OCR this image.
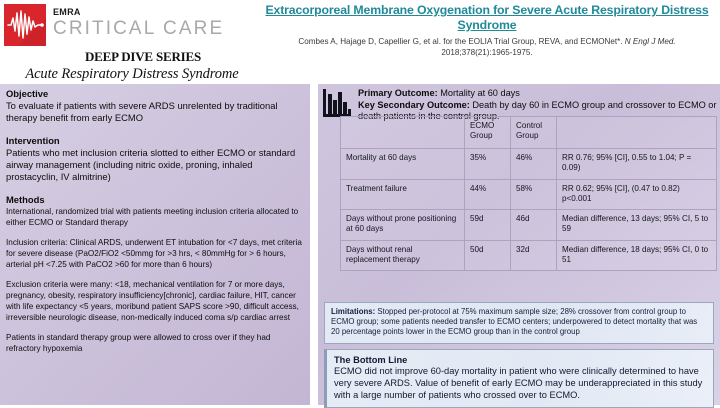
EMRA
CRITICAL CARE
DEEP DIVE SERIES
Acute Respiratory Distress Syndrome
Extracorporeal Membrane Oxygenation for Severe Acute Respiratory Distress Syndrome
Combes A, Hajage D, Capellier G, et al. for the EOLIA Trial Group, REVA, and ECMONet*. N Engl J Med. 2018;378(21):1965-1975.
Objective
To evaluate if patients with severe ARDS unrelented by traditional therapy benefit from early ECMO
Intervention
Patients who met inclusion criteria slotted to either ECMO or standard airway management (including nitric oxide, proning, inhaled prostacyclin, IV almitrine)
Methods
International, randomized trial with patients meeting inclusion criteria allocated to either ECMO or Standard therapy
Inclusion criteria: Clinical ARDS, underwent ET intubation for <7 days, met criteria for severe disease (PaO2/FiO2 <50mmg for >3 hrs, < 80mmHg for > 6 hours, arterial pH <7.25 with PaCO2 >60 for more than 6 hours)
Exclusion criteria were many: <18, mechanical ventilation for 7 or more days, pregnancy, obesity, respiratory insufficiency[chronic], cardiac failure, HIT, cancer with life expectancy <5 years, moribund patient SAPS score >90, difficult access, irreversible neurologic disease, non-medically induced coma s/p cardiac arrest
Patients in standard therapy group were allowed to cross over if they had refractory hypoxemia
Primary Outcome: Mortality at 60 days
Key Secondary Outcome: Death by day 60 in ECMO group and crossover to ECMO or death patients in the control group.
	ECMO Group	Control Group	
Mortality at 60 days	35%	46%	RR 0.76; 95% [CI], 0.55 to 1.04; P = 0.09)
Treatment failure	44%	58%	RR 0.62; 95% [CI], (0.47 to 0.82) p<0.001
Days without prone positioning at 60 days	59d	46d	Median difference, 13 days; 95% CI, 5 to 59
Days without renal replacement therapy	50d	32d	Median difference, 18 days; 95% CI, 0 to 51
Limitations: Stopped per-protocol at 75% maximum sample size; 28% crossover from control group to ECMO group; some patients needed transfer to ECMO centers; underpowered to detect mortality that was 20 percentage points lower in the ECMO group than in the control group
The Bottom Line
ECMO did not improve 60-day mortality in patient who were clinically determined to have very severe ARDS. Value of benefit of early ECMO may be underappreciated in this study with a large number of patients who crossed over to ECMO.
